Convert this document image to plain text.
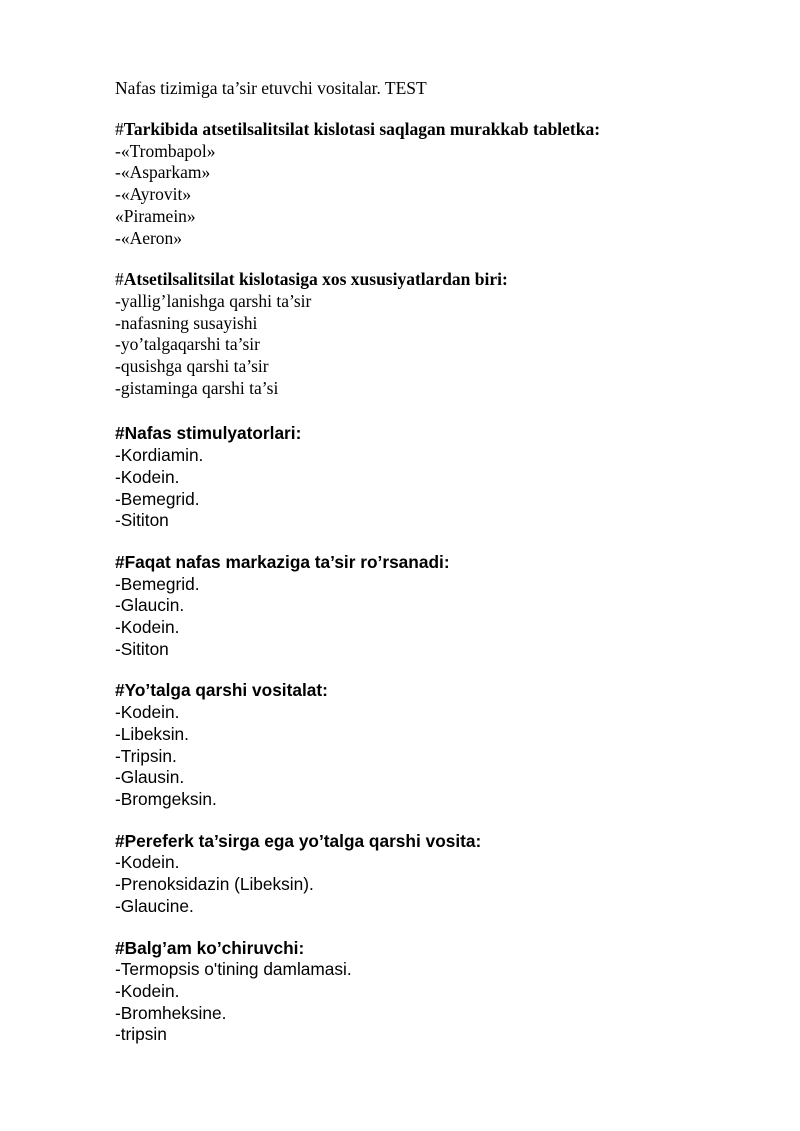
Nafas tizimiga ta’sir etuvchi vositalar. TEST

#Tarkibida atsetilsalitsilat kislotasi saqlagan murakkab tabletka:

-«Trombapol»

-«Asparkam»

-«Ayrovit»

«Piramein»

-«Aeron»

#Atsetilsalitsilat kislotasiga xos xususiyatlardan biri:

-yallig’lanishga qarshi ta’sir

-nafasning susayishi

-yo’talgaqarshi ta’sir

-qusishga qarshi ta’sir

-gistaminga qarshi ta’si

#Nafas stimulyatorlari:

-Kordiamin.

-Kodein.

-Bemegrid.

-Sititon

#Faqat nafas markaziga ta’sir ro’rsanadi:

-Bemegrid.

-Glaucin.

-Kodein.

-Sititon

#Yo’talga qarshi vositalat:

-Kodein.

-Libeksin.

-Tripsin.

-Glausin.

-Bromgeksin.

#Pereferk ta’sirga ega yo’talga qarshi vosita:

-Kodein.

-Prenoksidazin (Libeksin).

-Glaucine.

#Balg’am ko’chiruvchi:

-Termopsis o'tining damlamasi.

-Kodein.

-Bromheksine.

-tripsin
